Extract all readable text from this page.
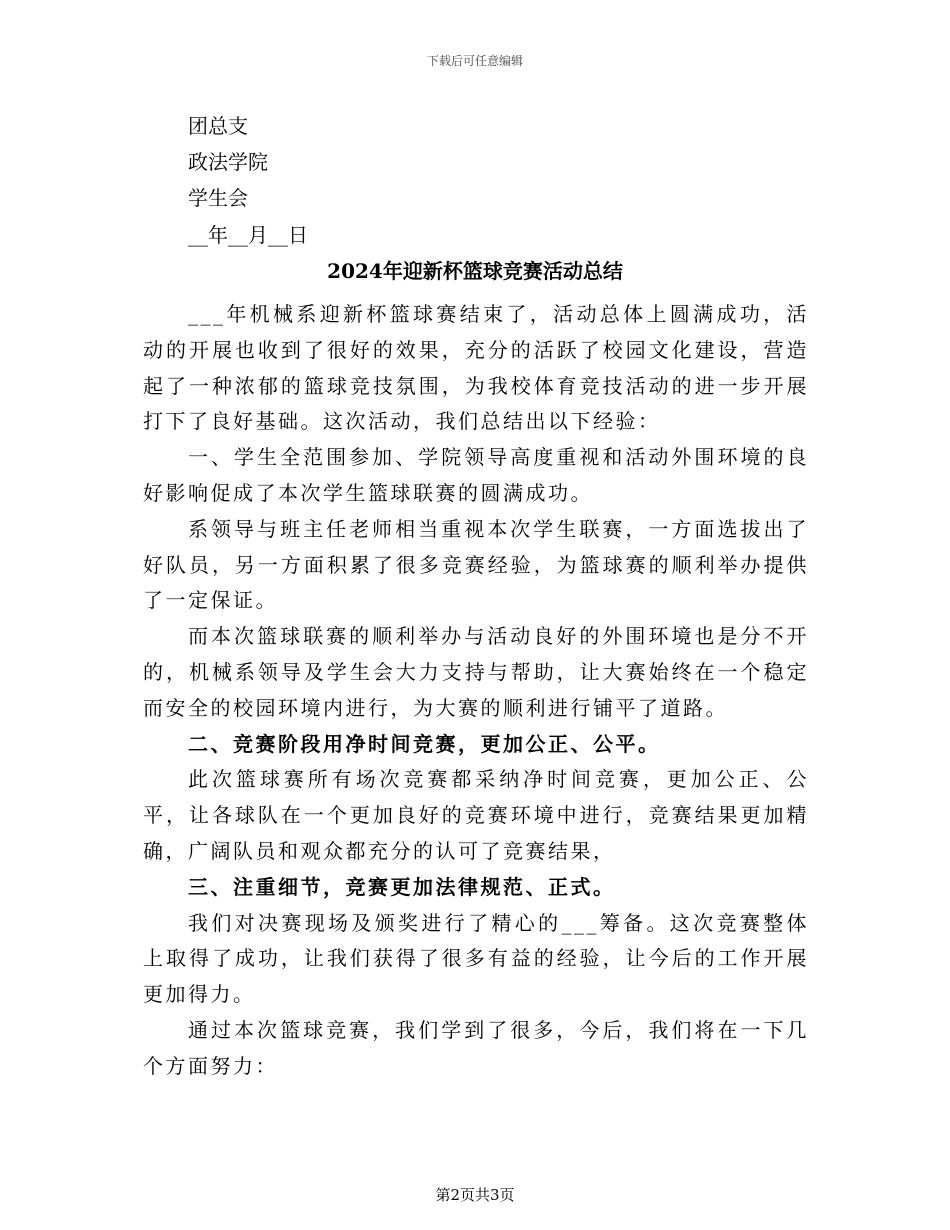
下载后可任意编辑
团总支
政法学院
学生会
__年__月__日
2024年迎新杯篮球竞赛活动总结

___年机械系迎新杯篮球赛结束了，活动总体上圆满成功，活动的开展也收到了很好的效果，充分的活跃了校园文化建设，营造起了一种浓郁的篮球竞技氛围，为我校体育竞技活动的进一步开展打下了良好基础。这次活动，我们总结出以下经验：

一、学生全范围参加、学院领导高度重视和活动外围环境的良好影响促成了本次学生篮球联赛的圆满成功。

系领导与班主任老师相当重视本次学生联赛，一方面选拔出了好队员，另一方面积累了很多竞赛经验，为篮球赛的顺利举办提供了一定保证。

而本次篮球联赛的顺利举办与活动良好的外围环境也是分不开的，机械系领导及学生会大力支持与帮助，让大赛始终在一个稳定而安全的校园环境内进行，为大赛的顺利进行铺平了道路。

二、竞赛阶段用净时间竞赛，更加公正、公平。

此次篮球赛所有场次竞赛都采纳净时间竞赛，更加公正、公平，让各球队在一个更加良好的竞赛环境中进行，竞赛结果更加精确，广阔队员和观众都充分的认可了竞赛结果，

三、注重细节，竞赛更加法律规范、正式。

我们对决赛现场及颁奖进行了精心的___筹备。这次竞赛整体上取得了成功，让我们获得了很多有益的经验，让今后的工作开展更加得力。

通过本次篮球竞赛，我们学到了很多，今后，我们将在一下几个方面努力：

第2页共3页
